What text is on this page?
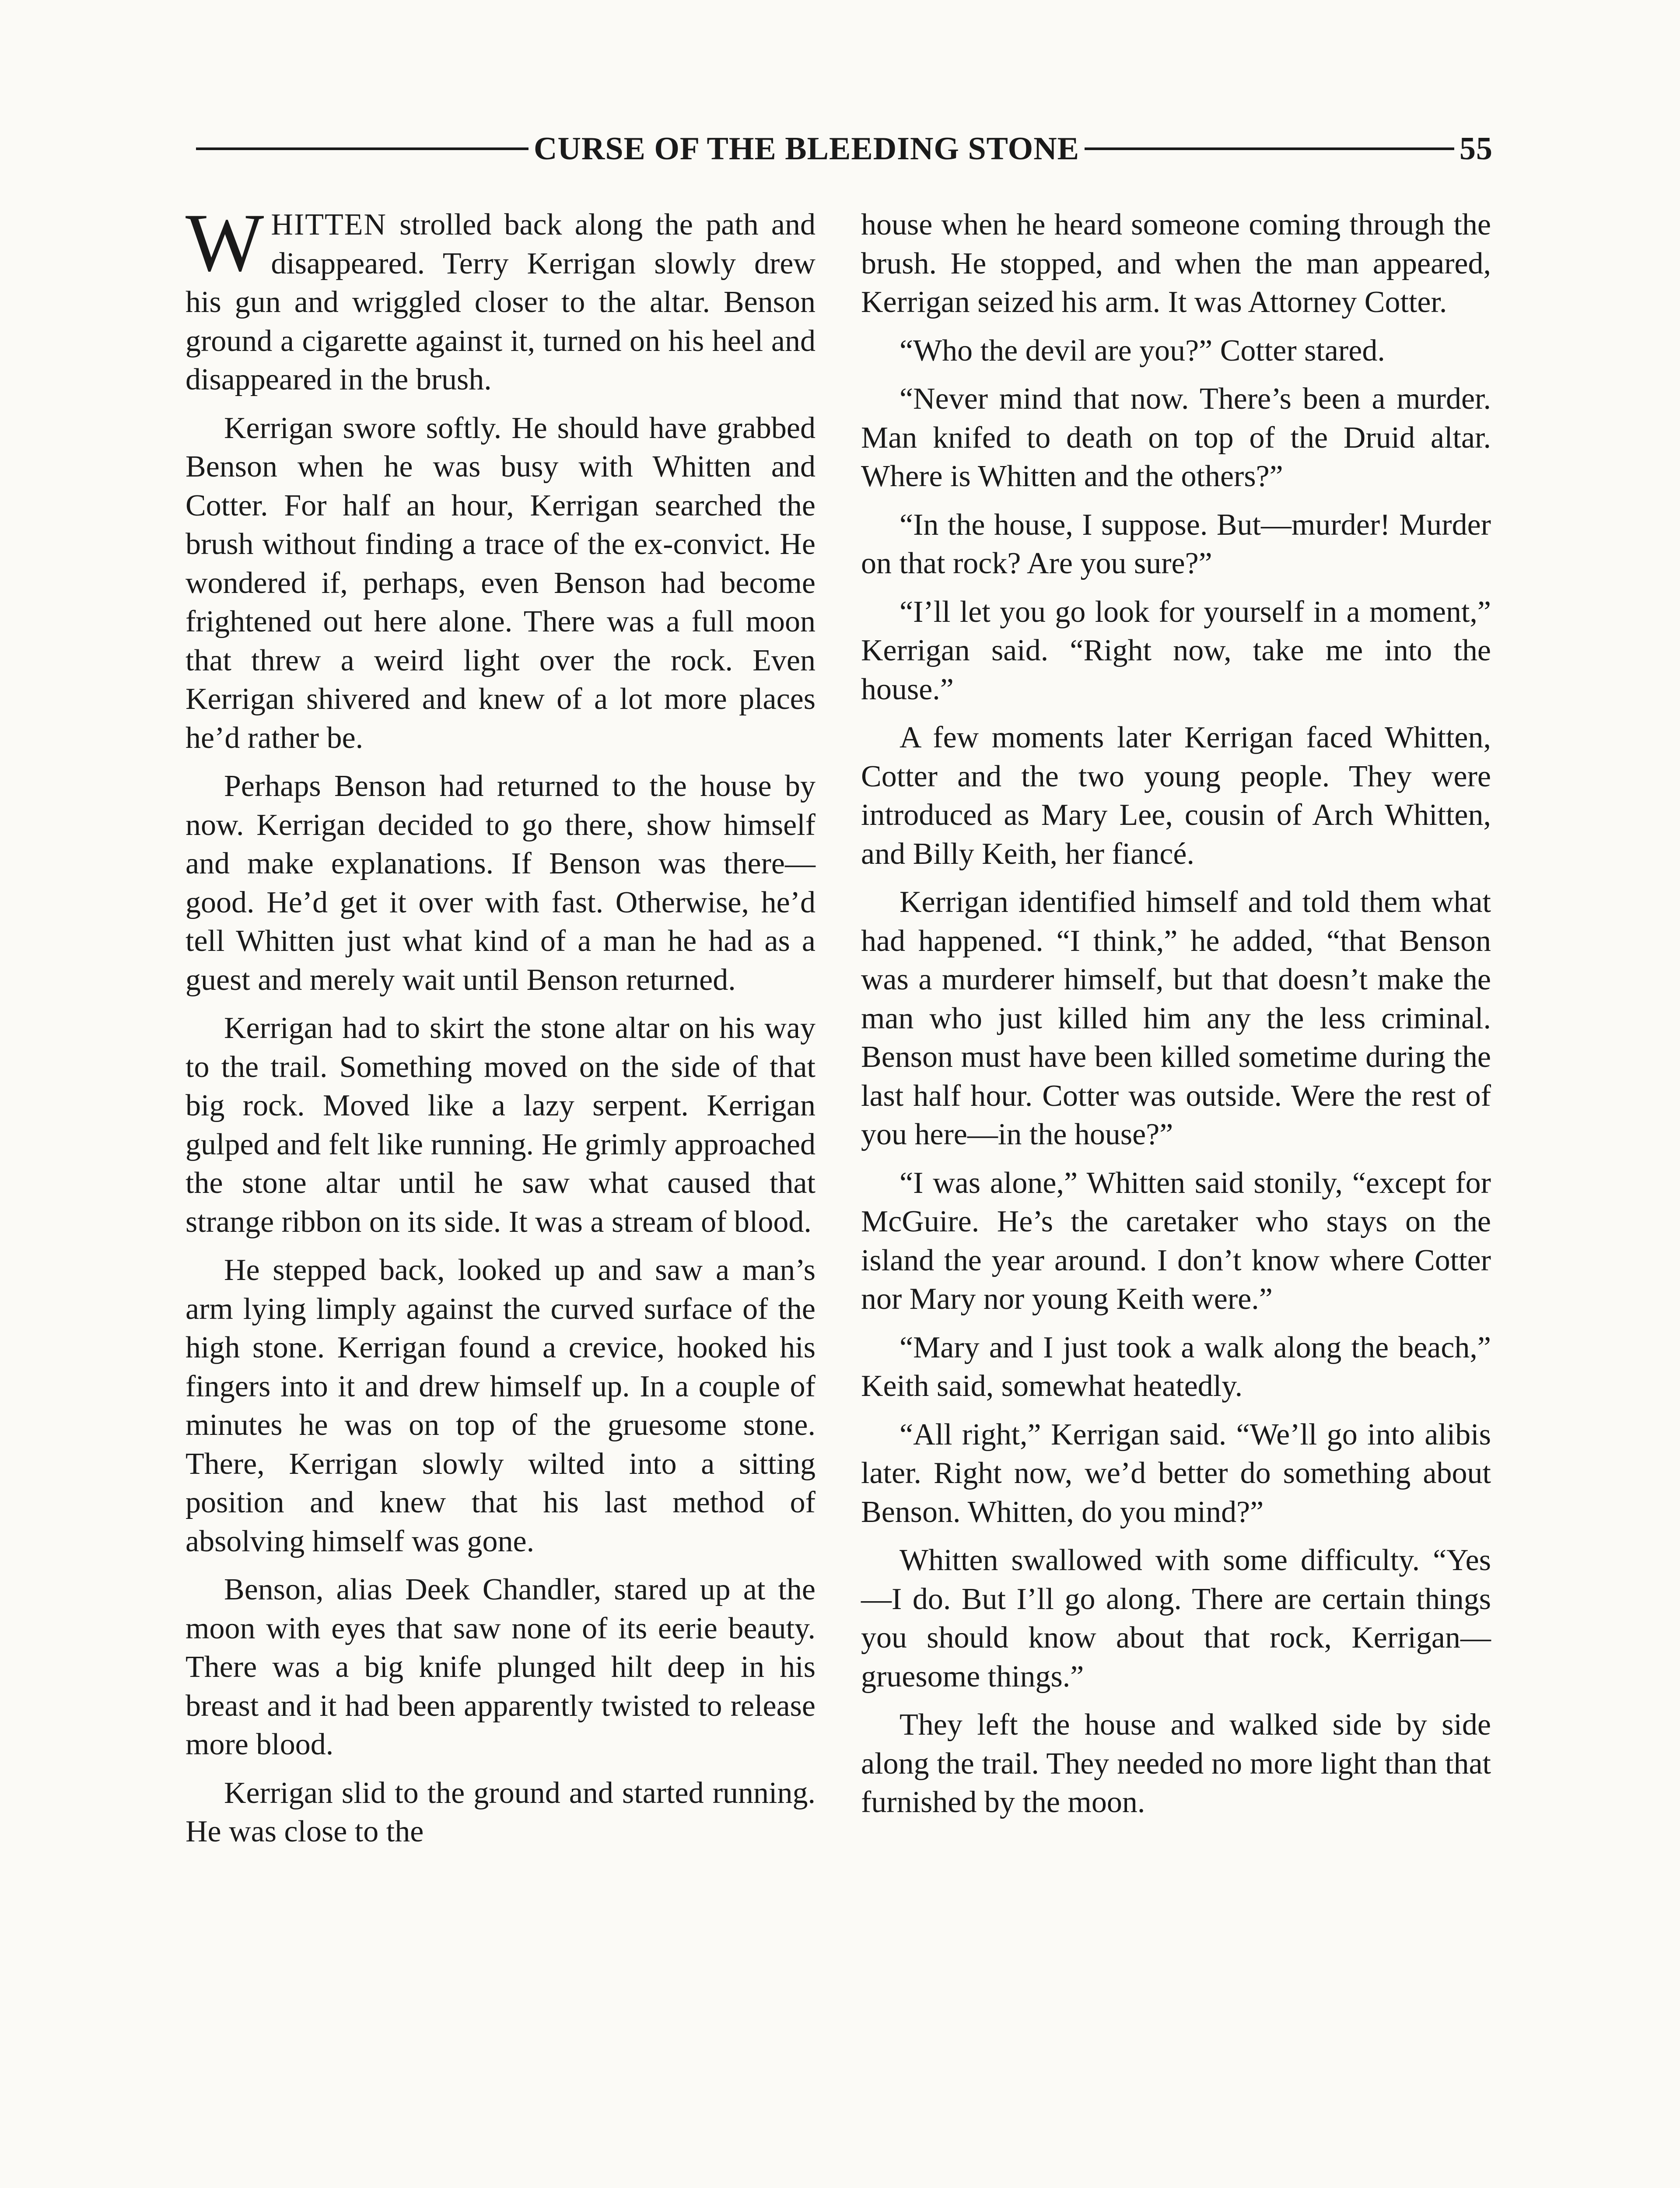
CURSE OF THE BLEEDING STONE	55

WHITTEN strolled back along the path and disappeared. Terry Kerrigan slowly drew his gun and wriggled closer to the altar. Benson ground a cigarette against it, turned on his heel and disappeared in the brush.

Kerrigan swore softly. He should have grabbed Benson when he was busy with Whitten and Cotter. For half an hour, Kerrigan searched the brush without finding a trace of the ex-convict. He wondered if, perhaps, even Benson had become frightened out here alone. There was a full moon that threw a weird light over the rock. Even Kerrigan shivered and knew of a lot more places he’d rather be.

Perhaps Benson had returned to the house by now. Kerrigan decided to go there, show himself and make explanations. If Benson was there—good. He’d get it over with fast. Otherwise, he’d tell Whitten just what kind of a man he had as a guest and merely wait until Benson returned.

Kerrigan had to skirt the stone altar on his way to the trail. Something moved on the side of that big rock. Moved like a lazy serpent. Kerrigan gulped and felt like running. He grimly approached the stone altar until he saw what caused that strange ribbon on its side. It was a stream of blood.

He stepped back, looked up and saw a man’s arm lying limply against the curved surface of the high stone. Kerrigan found a crevice, hooked his fingers into it and drew himself up. In a couple of minutes he was on top of the gruesome stone. There, Kerrigan slowly wilted into a sitting position and knew that his last method of absolving himself was gone.

Benson, alias Deek Chandler, stared up at the moon with eyes that saw none of its eerie beauty. There was a big knife plunged hilt deep in his breast and it had been apparently twisted to release more blood.

Kerrigan slid to the ground and started running. He was close to the

house when he heard someone coming through the brush. He stopped, and when the man appeared, Kerrigan seized his arm. It was Attorney Cotter.

“Who the devil are you?” Cotter stared.

“Never mind that now. There’s been a murder. Man knifed to death on top of the Druid altar. Where is Whitten and the others?”

“In the house, I suppose. But—murder! Murder on that rock? Are you sure?”

“I’ll let you go look for yourself in a moment,” Kerrigan said. “Right now, take me into the house.”

A few moments later Kerrigan faced Whitten, Cotter and the two young people. They were introduced as Mary Lee, cousin of Arch Whitten, and Billy Keith, her fiancé.

Kerrigan identified himself and told them what had happened. “I think,” he added, “that Benson was a murderer himself, but that doesn’t make the man who just killed him any the less criminal. Benson must have been killed sometime during the last half hour. Cotter was outside. Were the rest of you here—in the house?”

“I was alone,” Whitten said stonily, “except for McGuire. He’s the caretaker who stays on the island the year around. I don’t know where Cotter nor Mary nor young Keith were.”

“Mary and I just took a walk along the beach,” Keith said, somewhat heatedly.

“All right,” Kerrigan said. “We’ll go into alibis later. Right now, we’d better do something about Benson. Whitten, do you mind?”

Whitten swallowed with some difficulty. “Yes—I do. But I’ll go along. There are certain things you should know about that rock, Kerrigan—gruesome things.”

They left the house and walked side by side along the trail. They needed no more light than that furnished by the moon.
